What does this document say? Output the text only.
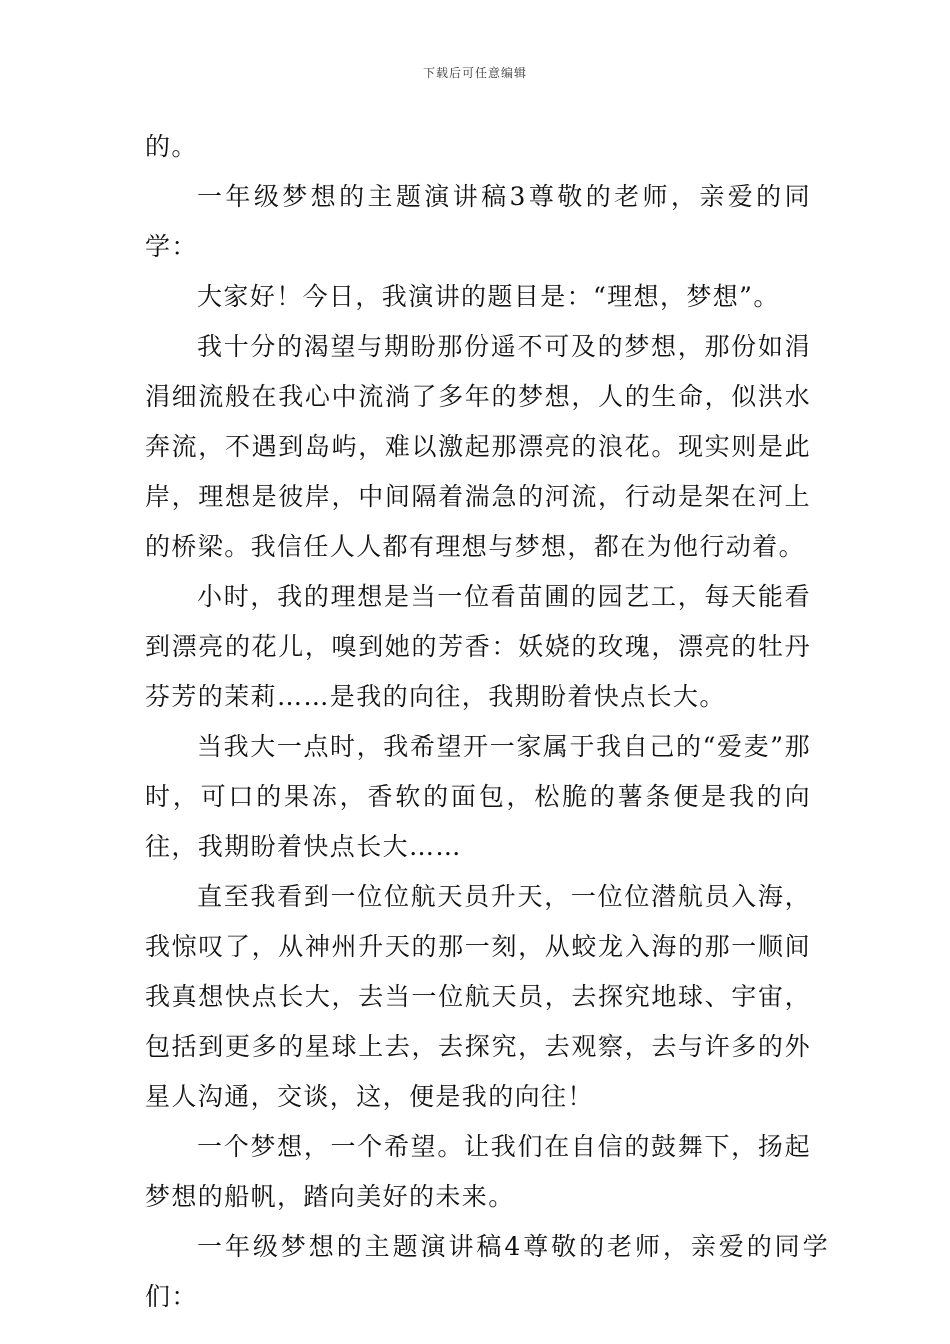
下载后可任意编辑

的。

一年级梦想的主题演讲稿3尊敬的老师，亲爱的同学：

大家好！今日，我演讲的题目是：“理想，梦想”。

我十分的渴望与期盼那份遥不可及的梦想，那份如涓涓细流般在我心中流淌了多年的梦想，人的生命，似洪水奔流，不遇到岛屿，难以激起那漂亮的浪花。现实则是此岸，理想是彼岸，中间隔着湍急的河流，行动是架在河上的桥梁。我信任人人都有理想与梦想，都在为他行动着。

小时，我的理想是当一位看苗圃的园艺工，每天能看到漂亮的花儿，嗅到她的芳香：妖娆的玫瑰，漂亮的牡丹芬芳的茉莉……是我的向往，我期盼着快点长大。

当我大一点时，我希望开一家属于我自己的“爱麦”那时，可口的果冻，香软的面包，松脆的薯条便是我的向往，我期盼着快点长大……

直至我看到一位位航天员升天，一位位潜航员入海，我惊叹了，从神州升天的那一刻，从蛟龙入海的那一顺间我真想快点长大，去当一位航天员，去探究地球、宇宙，包括到更多的星球上去，去探究，去观察，去与许多的外星人沟通，交谈，这，便是我的向往！

一个梦想，一个希望。让我们在自信的鼓舞下，扬起梦想的船帆，踏向美好的未来。

一年级梦想的主题演讲稿4尊敬的老师，亲爱的同学们：
